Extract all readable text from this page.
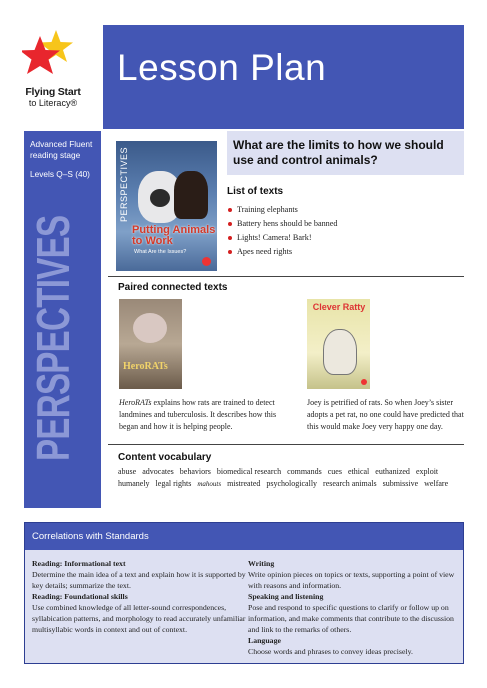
Flying Start
to Literacy®
Lesson Plan
Advanced Fluent reading stage
Levels Q–S (40)
PERSPECTIVES

What are the limits to how we should use and control animals?

PERSPECTIVES
Putting Animals to Work
What Are the Issues?
List of texts
Training elephants
Battery hens should be banned
Lights! Camera! Bark!
Apes need rights
Paired connected texts
HeroRATs
HeroRATs explains how rats are trained to detect landmines and tuberculosis. It describes how this began and how it is helping people.
Clever Ratty
Joey is petrified of rats. So when Joey’s sister adopts a pet rat, no one could have predicted that this would make Joey very happy one day.
Content vocabulary
abuse advocates behaviors biomedical research commands cues ethical euthanized exploit humanely legal rights mahouts mistreated psychologically research animals submissive welfare
Correlations with Standards
Reading: Informational text
Determine the main idea of a text and explain how it is supported by key details; summarize the text.
Reading: Foundational skills
Use combined knowledge of all letter-sound correspondences, syllabication patterns, and morphology to read accurately unfamiliar multisyllabic words in context and out of context.
Writing
Write opinion pieces on topics or texts, supporting a point of view with reasons and information.
Speaking and listening
Pose and respond to specific questions to clarify or follow up on information, and make comments that contribute to the discussion and link to the remarks of others.
Language
Choose words and phrases to convey ideas precisely.
